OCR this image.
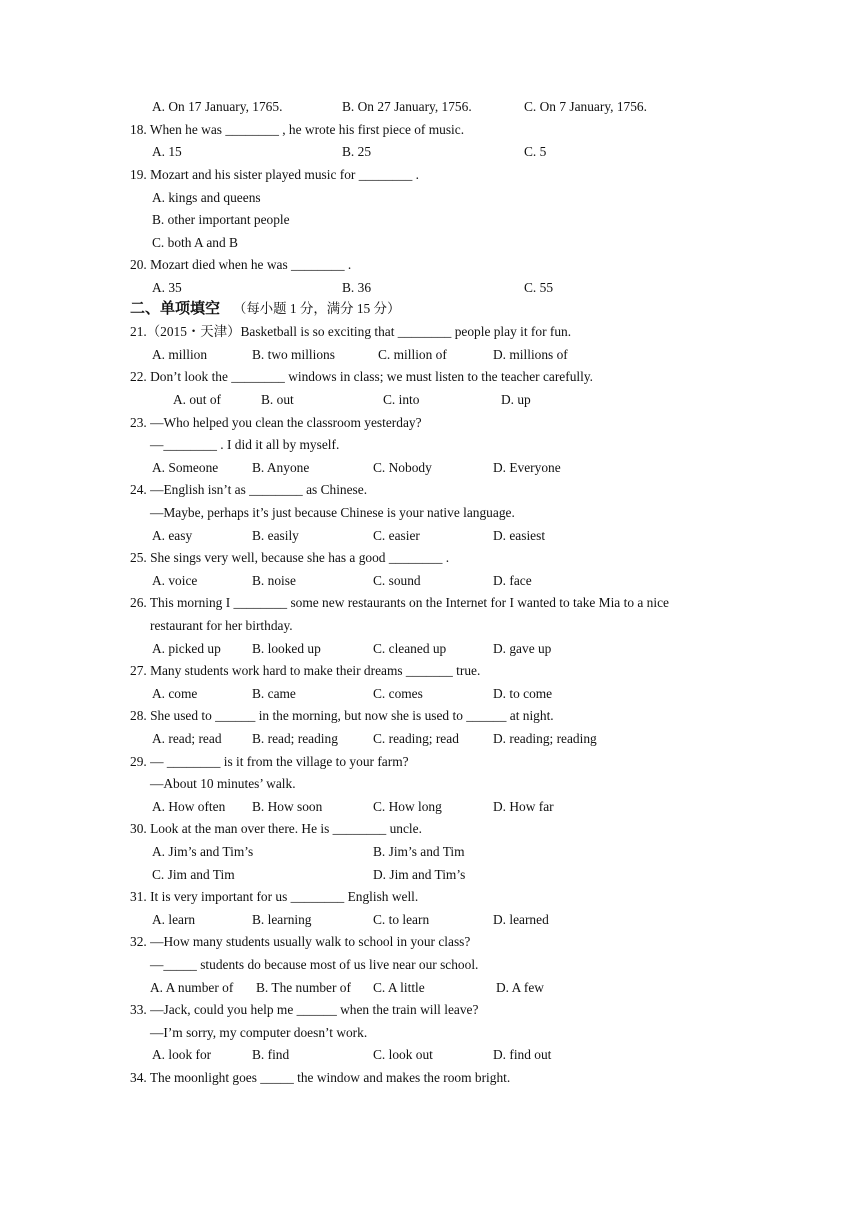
A. On 17 January, 1765.	B. On 27 January, 1756.	C. On 7 January, 1756.
18. When he was ________ , he wrote his first piece of music.
A. 15	B. 25	C. 5
19. Mozart and his sister played music for ________ .
A. kings and queens
B. other important people
C. both A and B
20. Mozart died when he was ________ .
A. 35	B. 36	C. 55
二、单项填空 （每小题 1 分，满分 15 分）
21.（2015・天津）Basketball is so exciting that ________ people play it for fun.
A. million	B. two millions	C. million of	D. millions of
22. Don’t look the ________ windows in class; we must listen to the teacher carefully.
A. out of	B. out	C. into	D. up
23. —Who helped you clean the classroom yesterday?
—________ . I did it all by myself.
A. Someone	B. Anyone	C. Nobody	D. Everyone
24. —English isn’t as ________ as Chinese.
—Maybe, perhaps it’s just because Chinese is your native language.
A. easy	B. easily	C. easier	D. easiest
25. She sings very well, because she has a good ________ .
A. voice	B. noise	C. sound	D. face
26. This morning I ________ some new restaurants on the Internet for I wanted to take Mia to a nice
restaurant for her birthday.
A. picked up B. looked up	C. cleaned up	D. gave up
27. Many students work hard to make their dreams _______ true.
A. come	B. came	C. comes	D. to come
28. She used to ______ in the morning, but now she is used to ______ at night.
A. read; read B. read; reading	C. reading; read	D. reading; reading
29. — ________ is it from the village to your farm?
—About 10 minutes’ walk.
A. How often B. How soon	C. How long	D. How far
30. Look at the man over there. He is ________ uncle.
A. Jim’s and Tim’s	B. Jim’s and Tim
C. Jim and Tim	D. Jim and Tim’s
31. It is very important for us ________ English well.
A. learn	B. learning	C. to learn	D. learned
32. —How many students usually walk to school in your class?
—_____ students do because most of us live near our school.
A. A number of B. The number of C. A little	D. A few
33. —Jack, could you help me ______ when the train will leave?
—I’m sorry, my computer doesn’t work.
A. look for	B. find	C. look out	D. find out
34. The moonlight goes _____ the window and makes the room bright.
